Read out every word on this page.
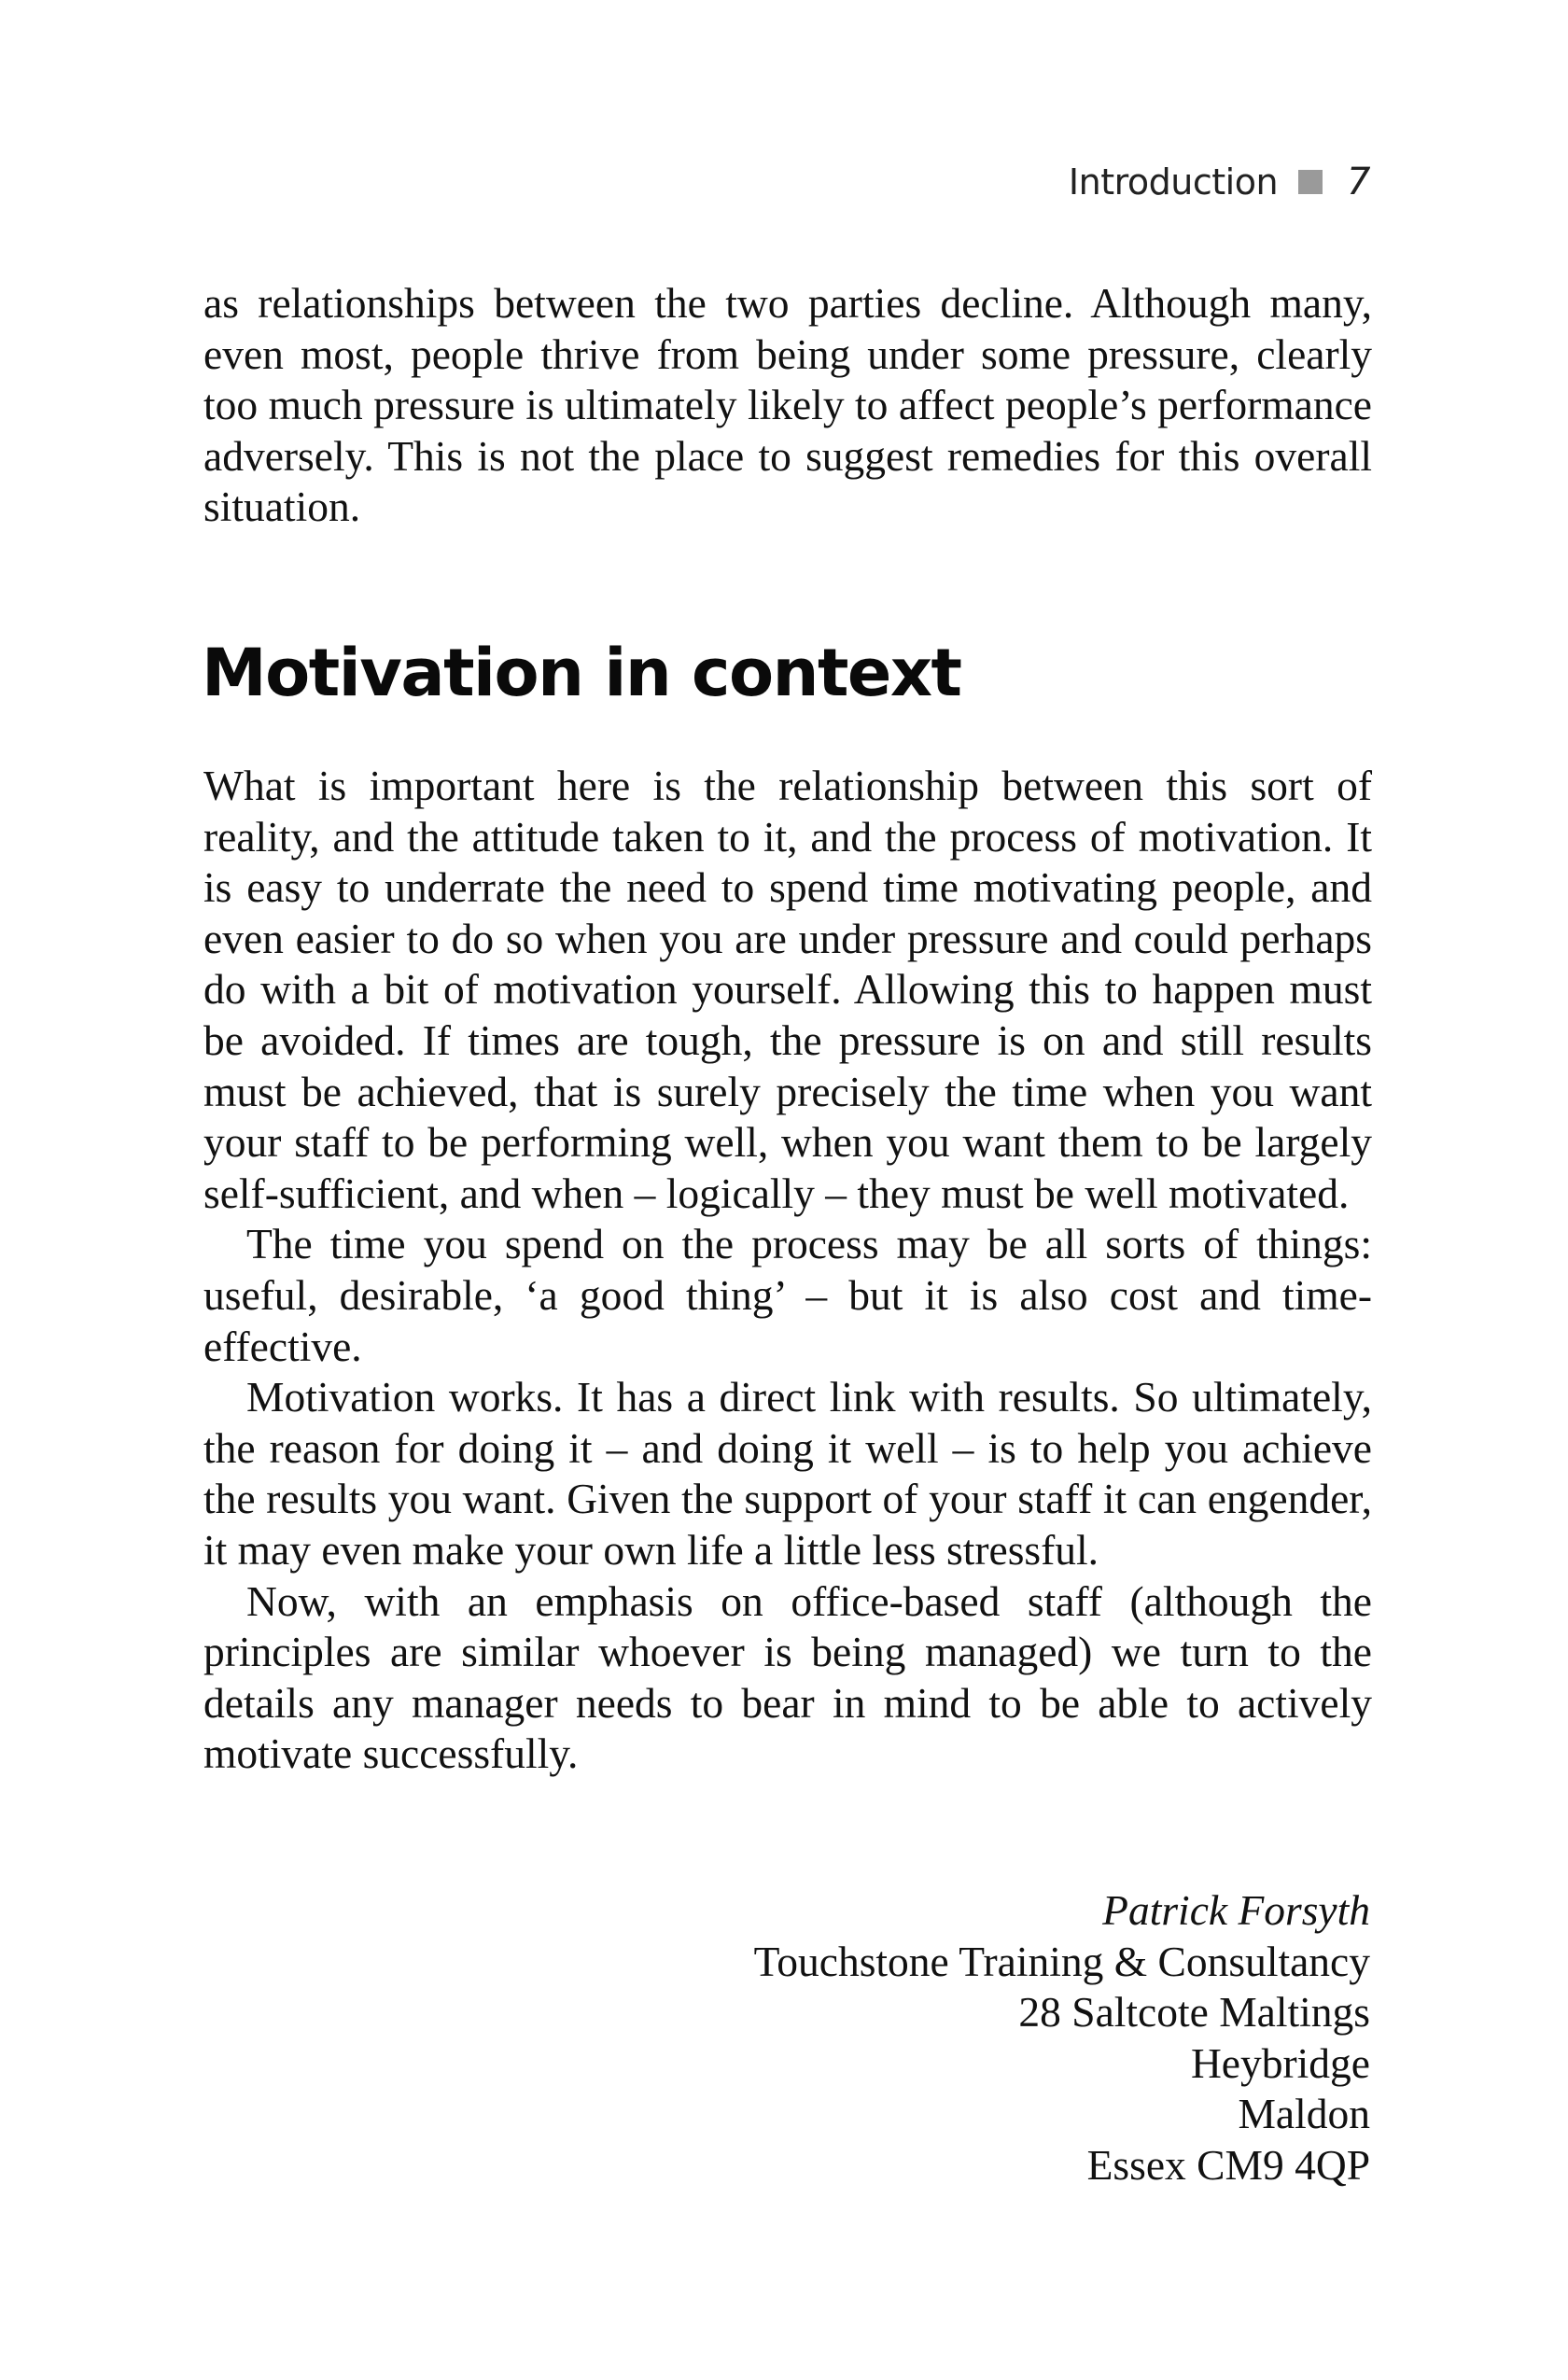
Introduction 7

as relationships between the two parties decline. Although many, even most, people thrive from being under some pressure, clearly too much pressure is ultimately likely to affect people’s performance adversely. This is not the place to suggest remedies for this overall situation.

Motivation in context

What is important here is the relationship between this sort of reality, and the attitude taken to it, and the process of motivation. It is easy to underrate the need to spend time motivating people, and even easier to do so when you are under pressure and could perhaps do with a bit of motivation yourself. Allowing this to happen must be avoided. If times are tough, the pressure is on and still results must be achieved, that is surely precisely the time when you want your staff to be performing well, when you want them to be largely self-sufficient, and when – logically – they must be well motivated.

The time you spend on the process may be all sorts of things: useful, desirable, ‘a good thing’ – but it is also cost and time-effective.

Motivation works. It has a direct link with results. So ultimately, the reason for doing it – and doing it well – is to help you achieve the results you want. Given the support of your staff it can engender, it may even make your own life a little less stressful.

Now, with an emphasis on office-based staff (although the principles are similar whoever is being managed) we turn to the details any manager needs to bear in mind to be able to actively motivate successfully.

Patrick Forsyth
Touchstone Training & Consultancy
28 Saltcote Maltings
Heybridge
Maldon
Essex CM9 4QP
